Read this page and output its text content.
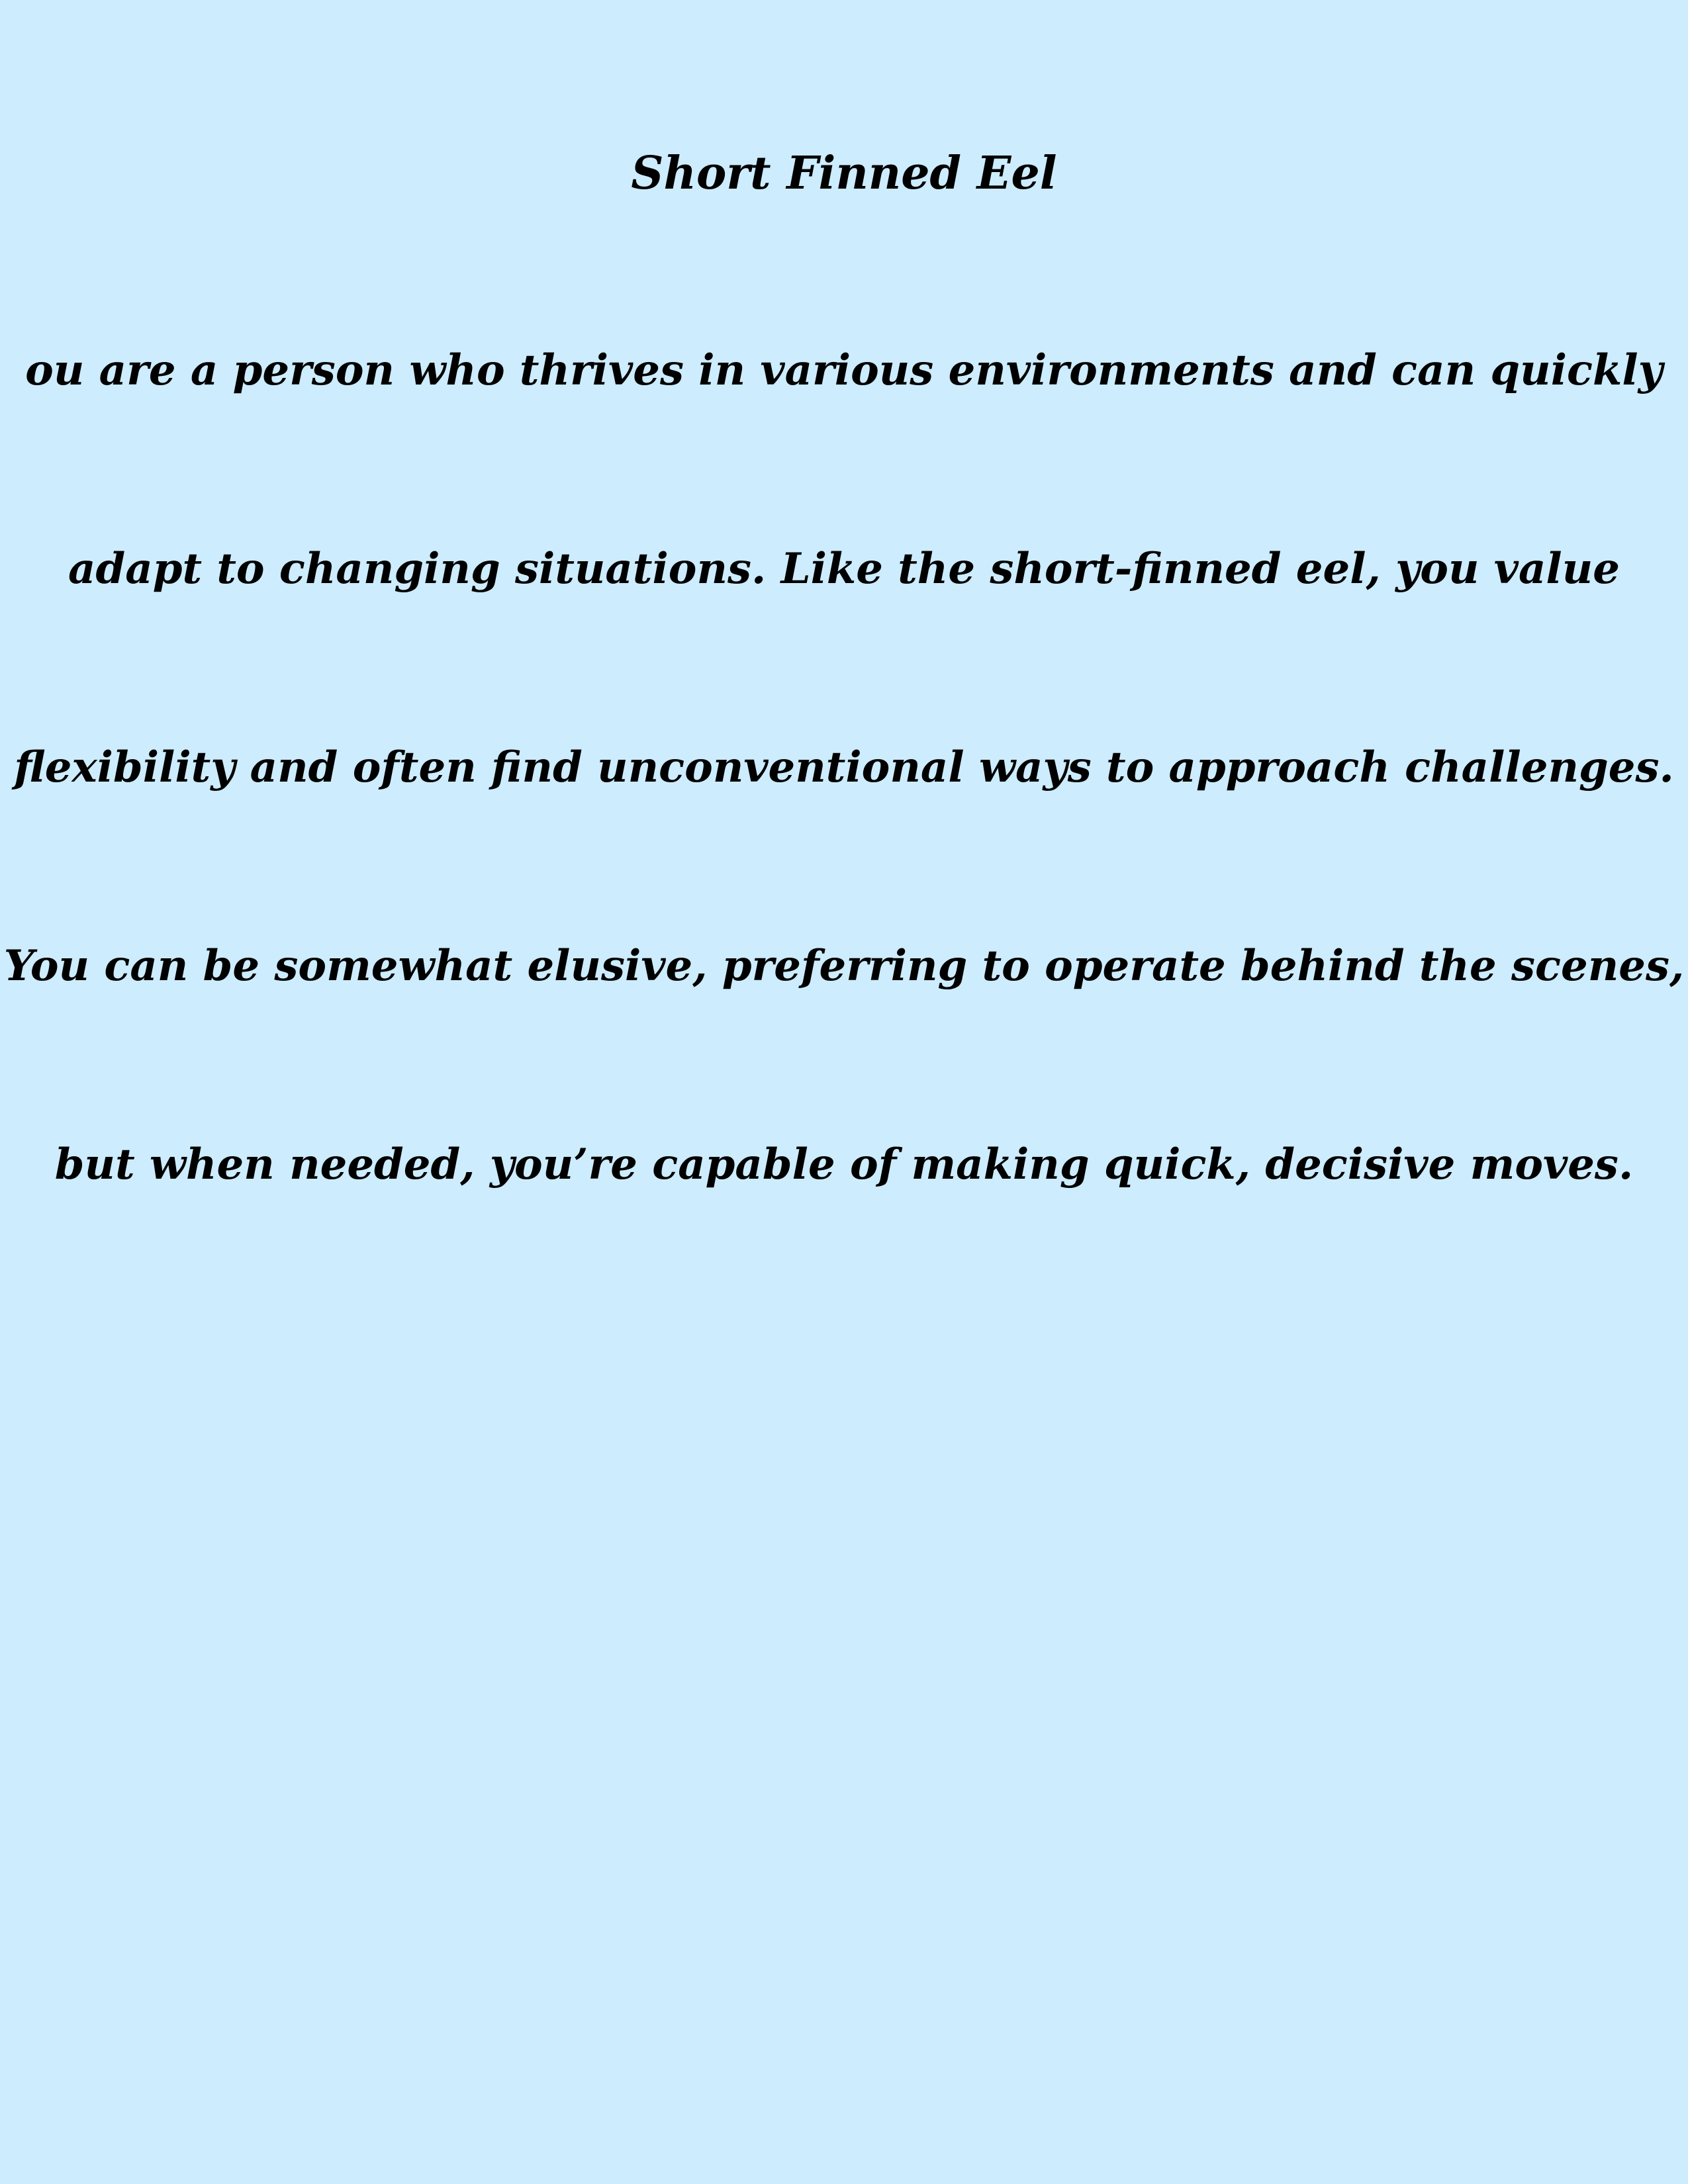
Short Finned Eel
ou are a person who thrives in various environments and can quickly
adapt to changing situations. Like the short-finned eel, you value
flexibility and often find unconventional ways to approach challenges.
You can be somewhat elusive, preferring to operate behind the scenes,
but when needed, you’re capable of making quick, decisive moves.
